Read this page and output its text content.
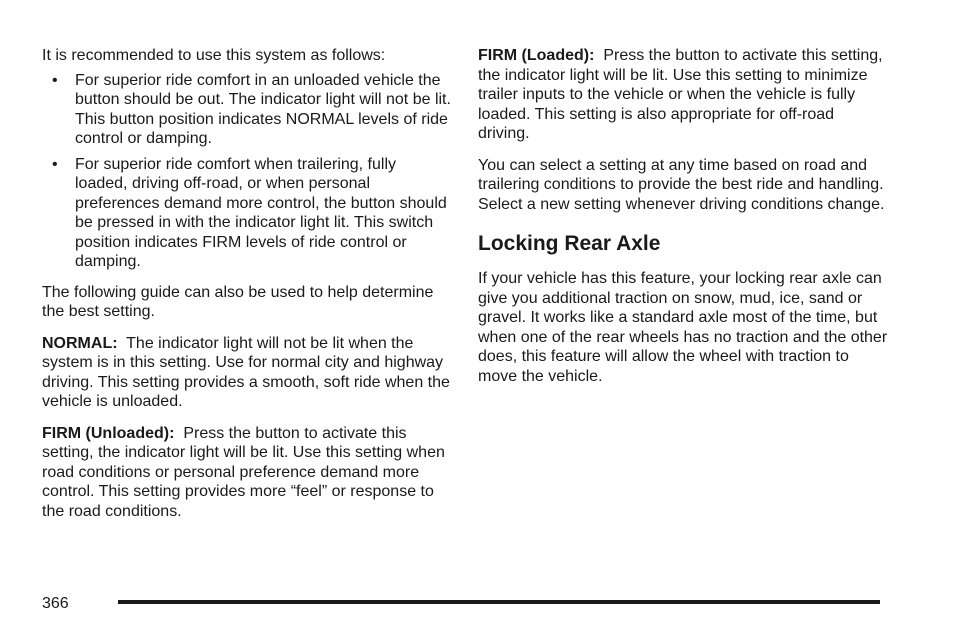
It is recommended to use this system as follows:

• For superior ride comfort in an unloaded vehicle the button should be out. The indicator light will not be lit. This button position indicates NORMAL levels of ride control or damping.
• For superior ride comfort when trailering, fully loaded, driving off-road, or when personal preferences demand more control, the button should be pressed in with the indicator light lit. This switch position indicates FIRM levels of ride control or damping.

The following guide can also be used to help determine the best setting.

NORMAL: The indicator light will not be lit when the system is in this setting. Use for normal city and highway driving. This setting provides a smooth, soft ride when the vehicle is unloaded.

FIRM (Unloaded): Press the button to activate this setting, the indicator light will be lit. Use this setting when road conditions or personal preference demand more control. This setting provides more “feel” or response to the road conditions.

FIRM (Loaded): Press the button to activate this setting, the indicator light will be lit. Use this setting to minimize trailer inputs to the vehicle or when the vehicle is fully loaded. This setting is also appropriate for off-road driving.

You can select a setting at any time based on road and trailering conditions to provide the best ride and handling. Select a new setting whenever driving conditions change.

Locking Rear Axle

If your vehicle has this feature, your locking rear axle can give you additional traction on snow, mud, ice, sand or gravel. It works like a standard axle most of the time, but when one of the rear wheels has no traction and the other does, this feature will allow the wheel with traction to move the vehicle.

366
